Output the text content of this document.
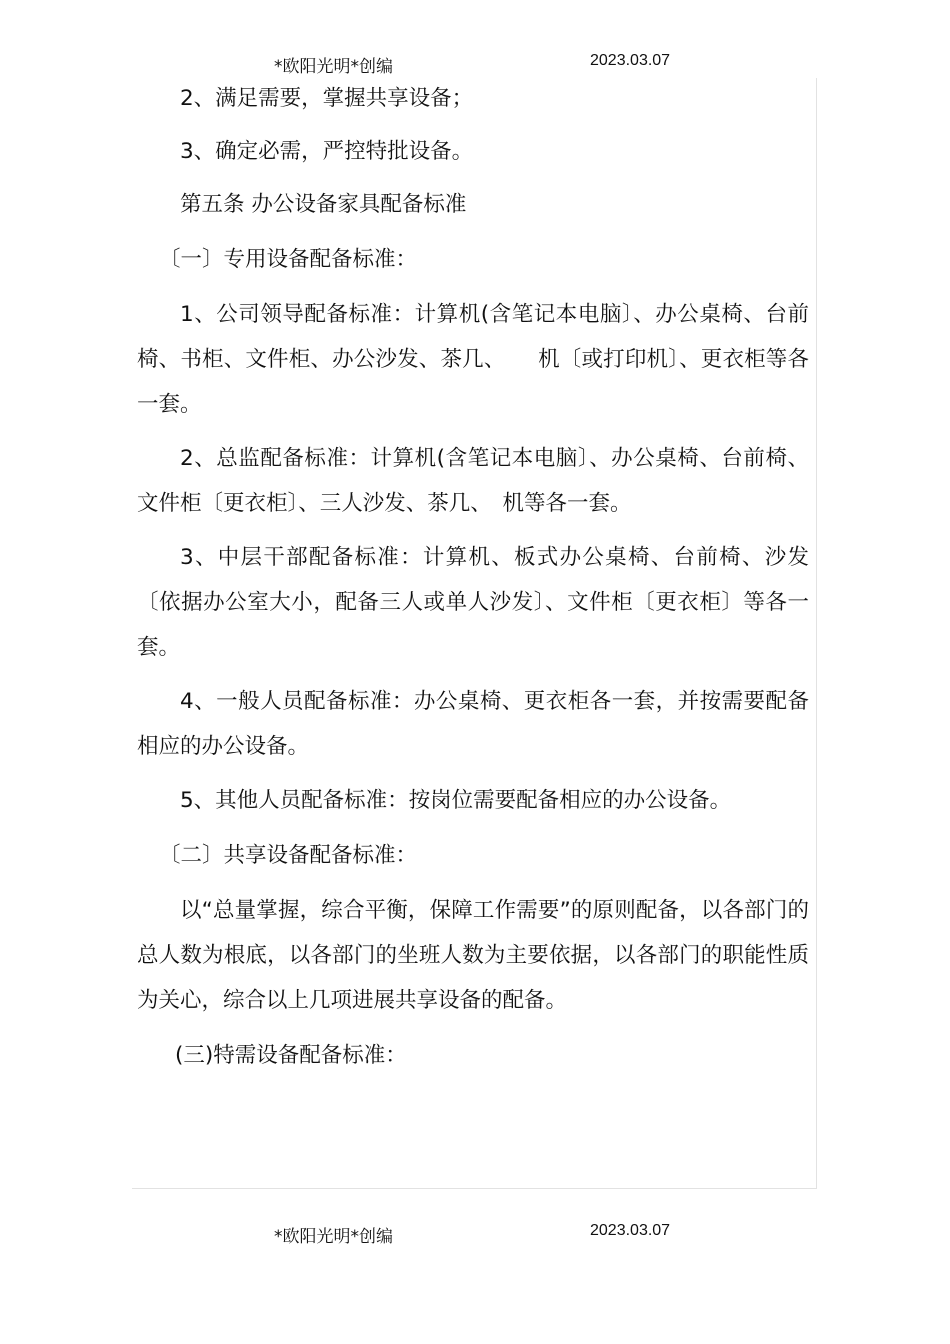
*欧阳光明*创编	2023.03.07

2、满足需要，掌握共享设备；

3、确定必需，严控特批设备。

第五条 办公设备家具配备标准

〔一〕专用设备配备标准：

1、公司领导配备标准：计算机(含笔记本电脑〕、办公桌椅、台前椅、书柜、文件柜、办公沙发、茶几、　　机〔或打印机〕、更衣柜等各一套。

2、总监配备标准：计算机(含笔记本电脑〕、办公桌椅、台前椅、文件柜〔更衣柜〕、三人沙发、茶几、　机等各一套。

3、中层干部配备标准：计算机、板式办公桌椅、台前椅、沙发〔依据办公室大小，配备三人或单人沙发〕、文件柜〔更衣柜〕等各一套。

4、一般人员配备标准：办公桌椅、更衣柜各一套，并按需要配备相应的办公设备。

5、其他人员配备标准：按岗位需要配备相应的办公设备。

〔二〕共享设备配备标准：

以“总量掌握，综合平衡，保障工作需要”的原则配备，以各部门的总人数为根底，以各部门的坐班人数为主要依据，以各部门的职能性质为关心，综合以上几项进展共享设备的配备。

(三)特需设备配备标准：

*欧阳光明*创编	2023.03.07
